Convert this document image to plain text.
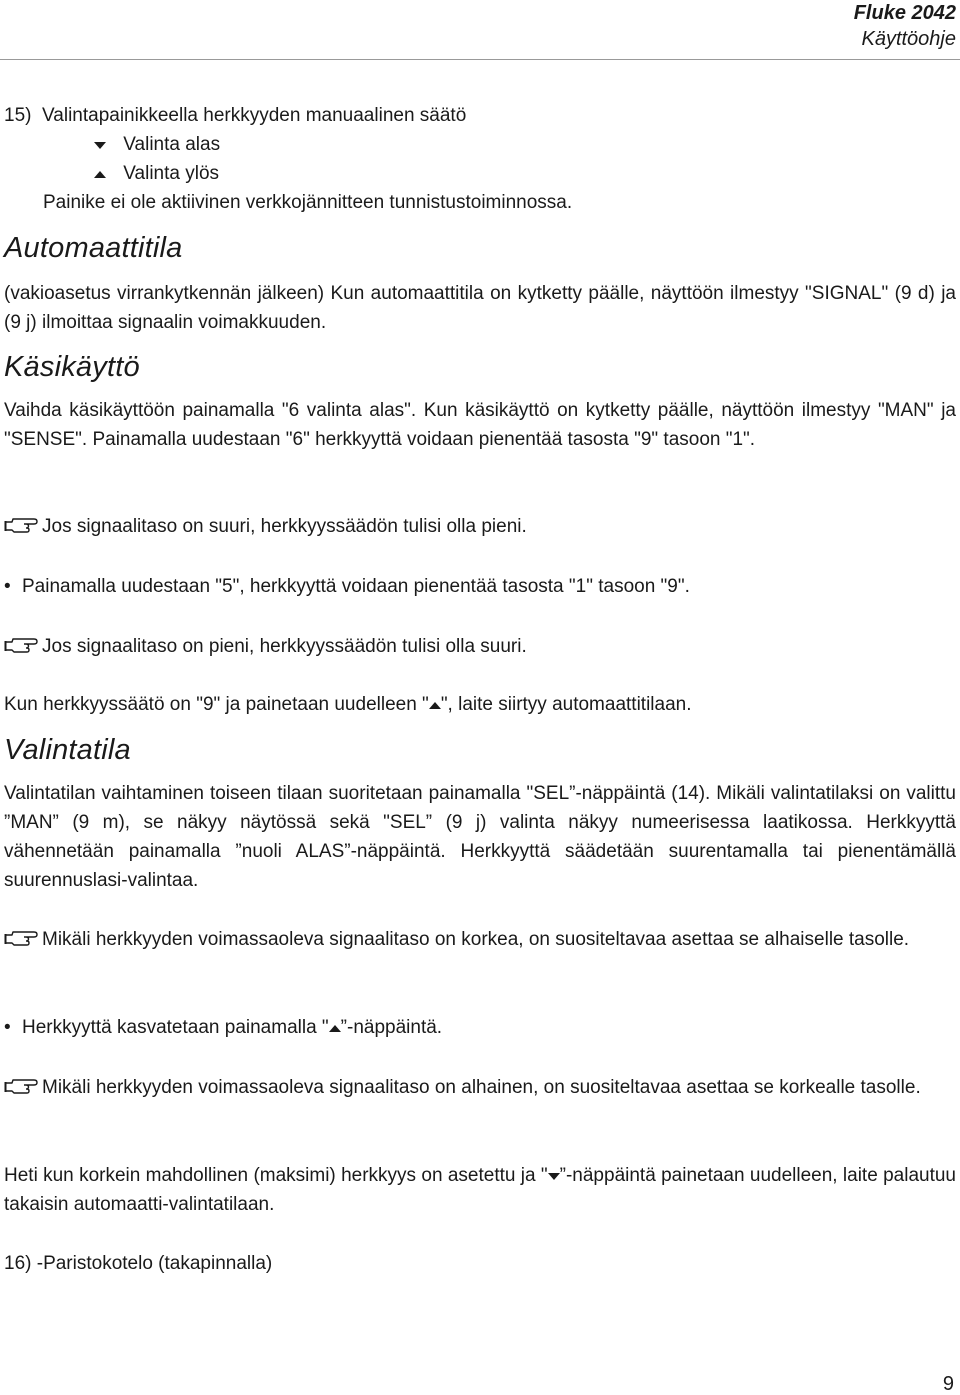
Fluke 2042
Käyttöohje
15)  Valintapainikkeella herkkyyden manuaalinen säätö
Valinta alas
Valinta ylös
Painike ei ole aktiivinen verkkojännitteen tunnistustoiminnossa.
Automaattitila
(vakioasetus virrankytkennän jälkeen) Kun automaattitila on kytketty päälle, näyttöön ilmestyy "SIGNAL" (9 d) ja (9 j) ilmoittaa signaalin voimakkuuden.
Käsikäyttö
Vaihda käsikäyttöön painamalla "6 valinta alas". Kun käsikäyttö on kytketty päälle, näyttöön ilmestyy "MAN" ja "SENSE". Painamalla uudestaan "6" herkkyyttä voidaan pienentää tasosta "9" tasoon "1".
Jos signaalitaso on suuri, herkkyyssäädön tulisi olla pieni.
• Painamalla uudestaan "5", herkkyyttä voidaan pienentää tasosta "1" tasoon "9".
Jos signaalitaso on pieni, herkkyyssäädön tulisi olla suuri.
Kun herkkyyssäätö on "9" ja painetaan uudelleen " ", laite siirtyy automaattitilaan.
Valintatila
Valintatilan vaihtaminen toiseen tilaan suoritetaan painamalla "SEL”-näppäintä (14). Mikäli valintatilaksi on valittu ”MAN” (9 m), se näkyy näytössä sekä "SEL” (9 j) valinta näkyy numeerisessa laatikossa. Herkkyyttä vähennetään painamalla ”nuoli ALAS”-näppäintä. Herkkyyttä säädetään suurentamalla tai pienentämällä suurennuslasi-valintaa.
Mikäli herkkyyden voimassaoleva signaalitaso on korkea, on suositeltavaa asettaa se alhaiselle tasolle.
• Herkkyyttä kasvatetaan painamalla " ”-näppäintä.
Mikäli herkkyyden voimassaoleva signaalitaso on alhainen, on suositeltavaa asettaa se korkealle tasolle.
Heti kun korkein mahdollinen (maksimi) herkkyys on asetettu ja " ”-näppäintä painetaan uudelleen, laite palautuu takaisin automaatti-valintatilaan.
16) -Paristokotelo (takapinnalla)
9
